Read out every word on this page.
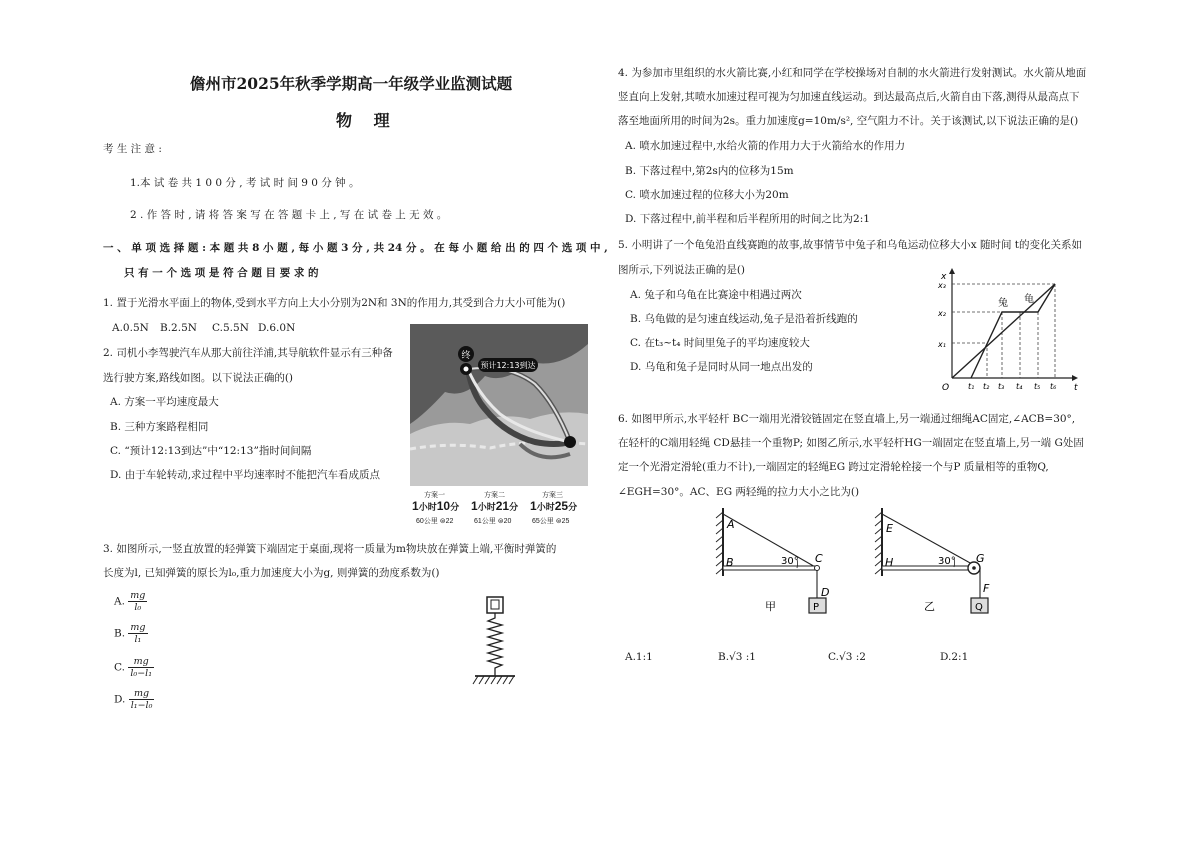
儋州市2025年秋季学期高一年级学业监测试题
物 理
考 生 注 意 :
1.本 试 卷 共 1 0 0 分 , 考 试 时 间 9 0 分 钟 。
2 . 作 答 时 , 请 将 答 案 写 在 答 题 卡 上 , 写 在 试 卷 上 无 效 。
一 、 单 项 选 择 题 : 本 题 共 8 小 题 , 每 小 题 3 分 , 共 24 分 。 在 每 小 题 给 出 的 四 个 选 项 中 ,
只 有 一 个 选 项 是 符 合 题 目 要 求 的
1. 置于光滑水平面上的物体,受到水平方向上大小分别为2N和 3N的作用力,其受到合力大小可能为()
A.0.5N B.2.5N C.5.5N D.6.0N
2. 司机小李驾驶汽车从那大前往洋浦,其导航软件显示有三种备
选行驶方案,路线如图。以下说法正确的()
A. 方案一平均速度最大
B. 三种方案路程相同
C. “预计12:13到达”中“12:13”指时间间隔
D. 由于车轮转动,求过程中平均速率时不能把汽车看成质点
终
预计12:13到达
方案一	方案二	方案三
1小时10分 1小时21分 1小时25分
60公里 ⊜22	61公里 ⊜20	65公里 ⊜25
3. 如图所示,一竖直放置的轻弹簧下端固定于桌面,现将一质量为m物块放在弹簧上端,平衡时弹簧的
长度为l, 已知弹簧的原长为l₀,重力加速度大小为g, 则弹簧的劲度系数为()
A. $\frac{mg}{\text{l₀}}$
B. $\frac{mg}{\text{l₁}}$
C. $\frac{mg}{\text{l₀−l₁}}$
D. $\frac{mg}{\text{l₁−l₀}}$
4. 为参加市里组织的水火箭比赛,小红和同学在学校操场对自制的水火箭进行发射测试。水火箭从地面
竖直向上发射,其喷水加速过程可视为匀加速直线运动。到达最高点后,火箭自由下落,测得从最高点下
落至地面所用的时间为2s。重力加速度g=10m/s², 空气阻力不计。关于该测试,以下说法正确的是()
A. 喷水加速过程中,水给火箭的作用力大于火箭给水的作用力
B. 下落过程中,第2s内的位移为15m
C. 喷水加速过程的位移大小为20m
D. 下落过程中,前半程和后半程所用的时间之比为2:1
5. 小明讲了一个龟兔沿直线赛跑的故事,故事情节中兔子和乌龟运动位移大小x 随时间 t的变化关系如
图所示,下列说法正确的是()
A. 兔子和乌龟在比赛途中相遇过两次
B. 乌龟做的是匀速直线运动,兔子是沿着折线跑的
C. 在t₃~t₄ 时间里兔子的平均速度较大
D. 乌龟和兔子是同时从同一地点出发的
x
t
O
x₃
x₂
x₁
t₁ t₂ t₃ t₄ t₅ t₆
兔 龟
6. 如图甲所示,水平轻杆 BC一端用光滑铰链固定在竖直墙上,另一端通过细绳AC固定,∠ACB=30°,
在轻杆的C端用轻绳 CD悬挂一个重物P; 如图乙所示,水平轻杆HG一端固定在竖直墙上,另一端 G处固
定一个光滑定滑轮(重力不计),一端固定的轻绳EG 跨过定滑轮栓接一个与P 质量相等的重物Q,
∠EGH=30°。AC、EG 两轻绳的拉力大小之比为()
A
B	C
D
P
30°
甲
E
H	G
F
Q
30°
乙
A.1:1	B.√3 :1	C.√3 :2	D.2:1
